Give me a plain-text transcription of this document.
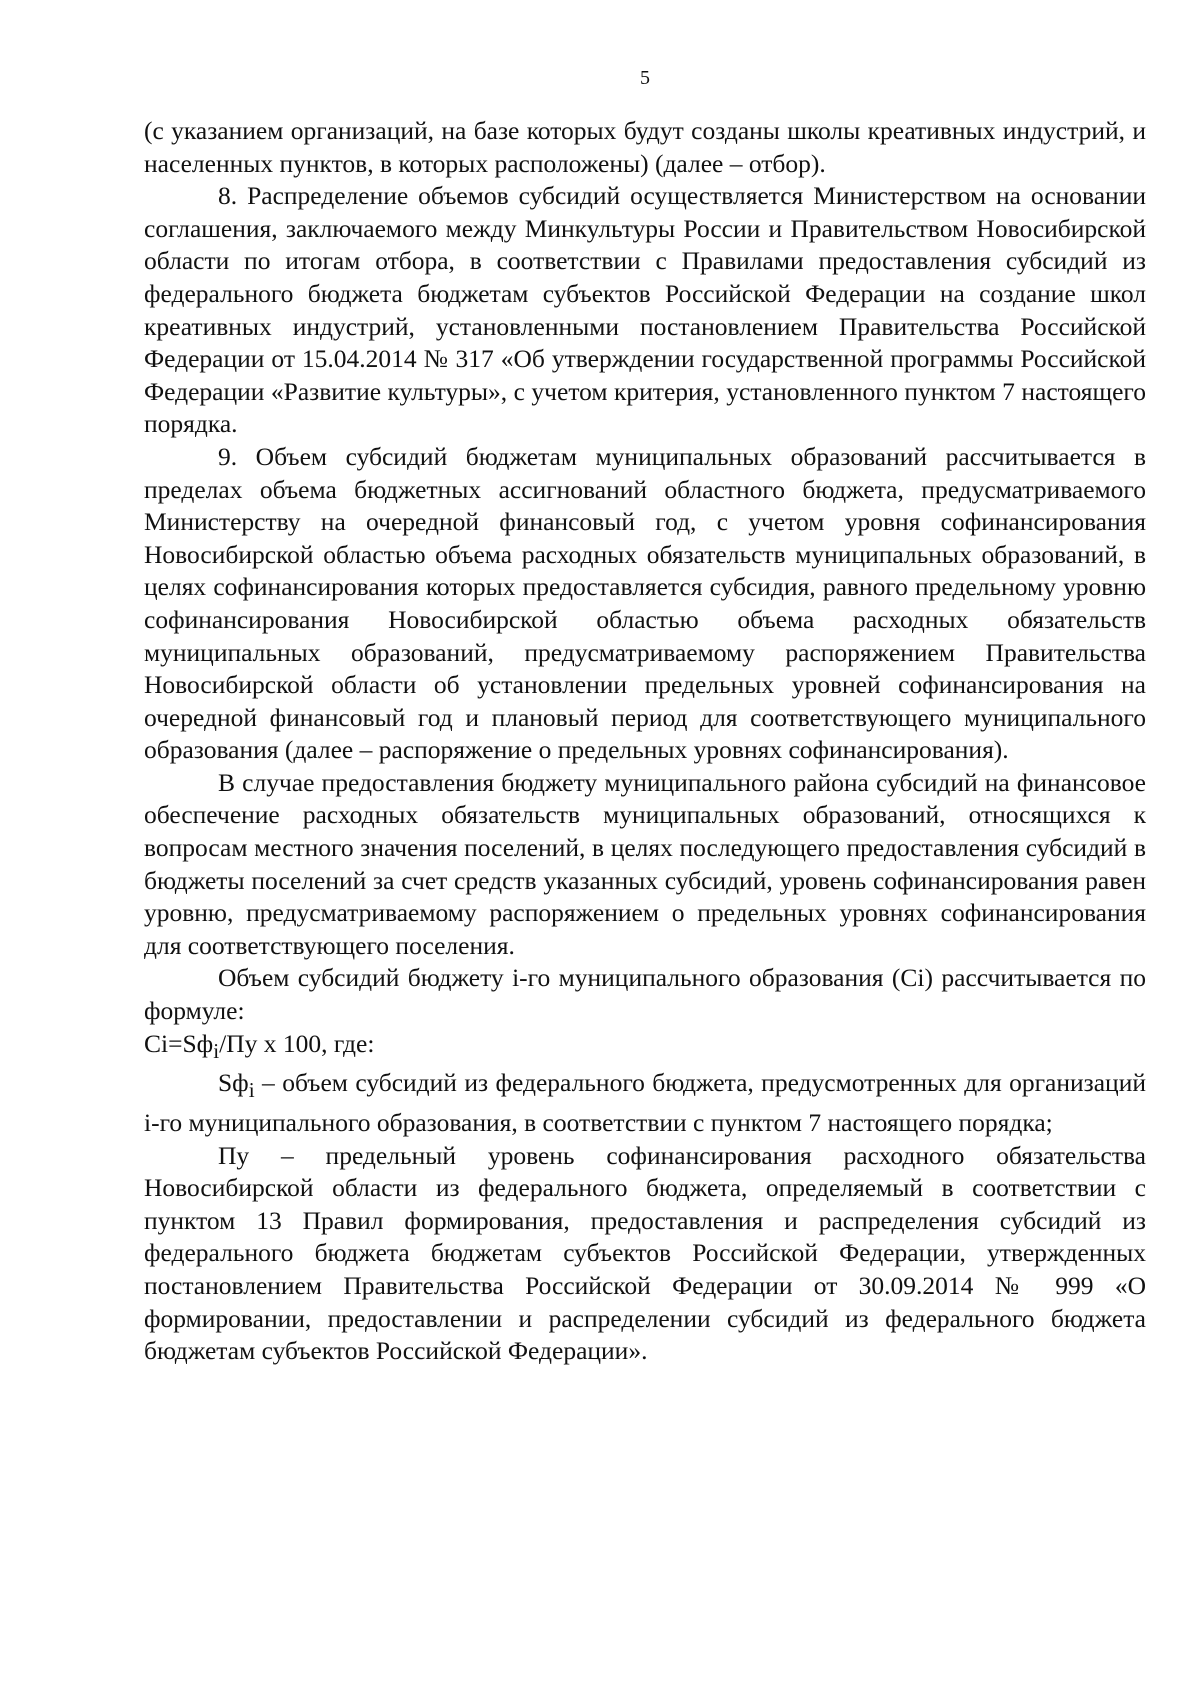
5

(с указанием организаций, на базе которых будут созданы школы креативных индустрий, и населенных пунктов, в которых расположены) (далее – отбор).

8. Распределение объемов субсидий осуществляется Министерством на основании соглашения, заключаемого между Минкультуры России и Правительством Новосибирской области по итогам отбора, в соответствии с Правилами предоставления субсидий из федерального бюджета бюджетам субъектов Российской Федерации на создание школ креативных индустрий, установленными постановлением Правительства Российской Федерации от 15.04.2014 № 317 «Об утверждении государственной программы Российской Федерации «Развитие культуры», с учетом критерия, установленного пунктом 7 настоящего порядка.

9. Объем субсидий бюджетам муниципальных образований рассчитывается в пределах объема бюджетных ассигнований областного бюджета, предусматриваемого Министерству на очередной финансовый год, с учетом уровня софинансирования Новосибирской областью объема расходных обязательств муниципальных образований, в целях софинансирования которых предоставляется субсидия, равного предельному уровню софинансирования Новосибирской областью объема расходных обязательств муниципальных образований, предусматриваемому распоряжением Правительства Новосибирской области об установлении предельных уровней софинансирования на очередной финансовый год и плановый период для соответствующего муниципального образования (далее – распоряжение о предельных уровнях софинансирования).

В случае предоставления бюджету муниципального района субсидий на финансовое обеспечение расходных обязательств муниципальных образований, относящихся к вопросам местного значения поселений, в целях последующего предоставления субсидий в бюджеты поселений за счет средств указанных субсидий, уровень софинансирования равен уровню, предусматриваемому распоряжением о предельных уровнях софинансирования для соответствующего поселения.

Объем субсидий бюджету i-го муниципального образования (Ci) рассчитывается по формуле:

$Ci=Sф_i/Пу$ х 100, где:

$Sф_i$ – объем субсидий из федерального бюджета, предусмотренных для организаций i-го муниципального образования, в соответствии с пунктом 7 настоящего порядка;

Пу – предельный уровень софинансирования расходного обязательства Новосибирской области из федерального бюджета, определяемый в соответствии с пунктом 13 Правил формирования, предоставления и распределения субсидий из федерального бюджета бюджетам субъектов Российской Федерации, утвержденных постановлением Правительства Российской Федерации от 30.09.2014 № 999 «О формировании, предоставлении и распределении субсидий из федерального бюджета бюджетам субъектов Российской Федерации».
